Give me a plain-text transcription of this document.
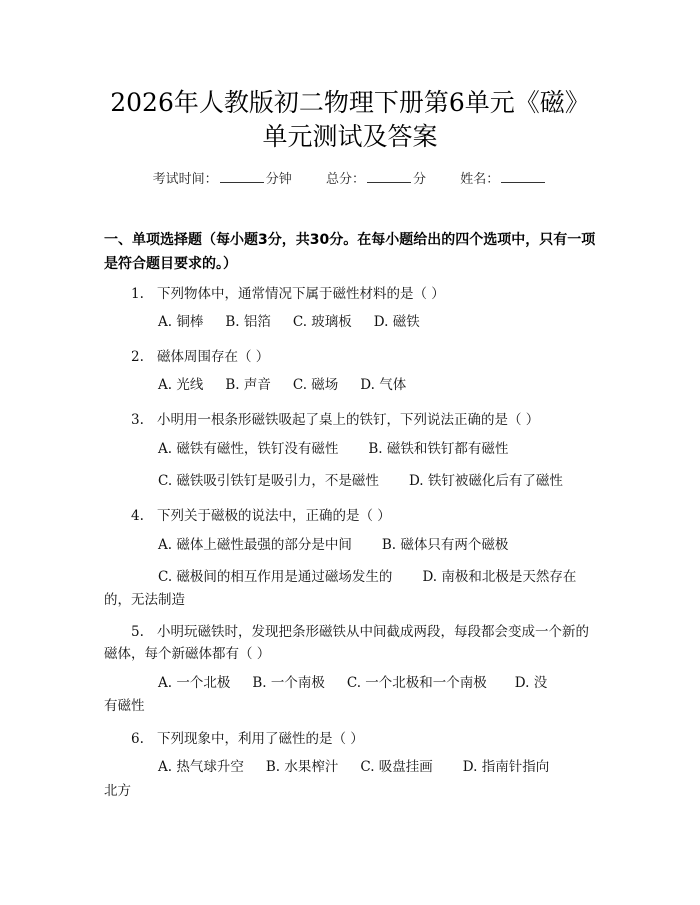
2026年人教版初二物理下册第6单元《磁》
单元测试及答案
考试时间：	分钟	总分：	分	姓名：
一、单项选择题（每小题3分，共30分。在每小题给出的四个选项中，只有一项
是符合题目要求的。）
1. 下列物体中，通常情况下属于磁性材料的是（ ）
A. 铜棒 B. 铝箔 C. 玻璃板 D. 磁铁
2. 磁体周围存在（ ）
A. 光线 B. 声音 C. 磁场 D. 气体
3. 小明用一根条形磁铁吸起了桌上的铁钉，下列说法正确的是（ ）
A. 磁铁有磁性，铁钉没有磁性 B. 磁铁和铁钉都有磁性
C. 磁铁吸引铁钉是吸引力，不是磁性 D. 铁钉被磁化后有了磁性
4. 下列关于磁极的说法中，正确的是（ ）
A. 磁体上磁性最强的部分是中间 B. 磁体只有两个磁极
C. 磁极间的相互作用是通过磁场发生的 D. 南极和北极是天然存在
的，无法制造
5. 小明玩磁铁时，发现把条形磁铁从中间截成两段，每段都会变成一个新的
磁体，每个新磁体都有（ ）
A. 一个北极 B. 一个南极 C. 一个北极和一个南极 D. 没
有磁性
6. 下列现象中，利用了磁性的是（ ）
A. 热气球升空 B. 水果榨汁 C. 吸盘挂画 D. 指南针指向
北方
